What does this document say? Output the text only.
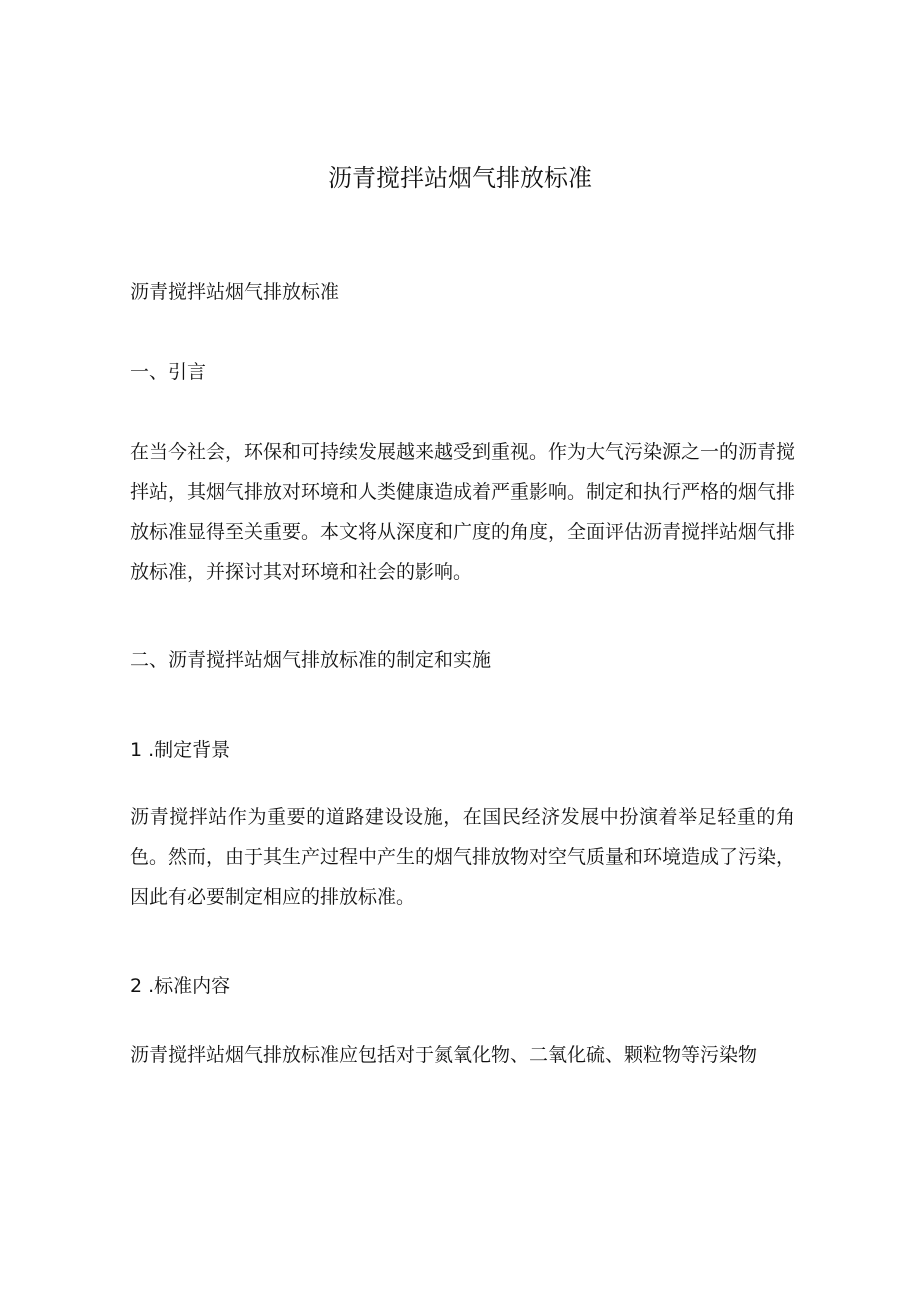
沥青搅拌站烟气排放标准

沥青搅拌站烟气排放标准

一、引言

在当今社会，环保和可持续发展越来越受到重视。作为大气污染源之一的沥青搅拌站，其烟气排放对环境和人类健康造成着严重影响。制定和执行严格的烟气排放标准显得至关重要。本文将从深度和广度的角度，全面评估沥青搅拌站烟气排放标准，并探讨其对环境和社会的影响。

二、沥青搅拌站烟气排放标准的制定和实施

1 .制定背景

沥青搅拌站作为重要的道路建设设施，在国民经济发展中扮演着举足轻重的角色。然而，由于其生产过程中产生的烟气排放物对空气质量和环境造成了污染，因此有必要制定相应的排放标准。

2 .标准内容

沥青搅拌站烟气排放标准应包括对于氮氧化物、二氧化硫、颗粒物等污染物
